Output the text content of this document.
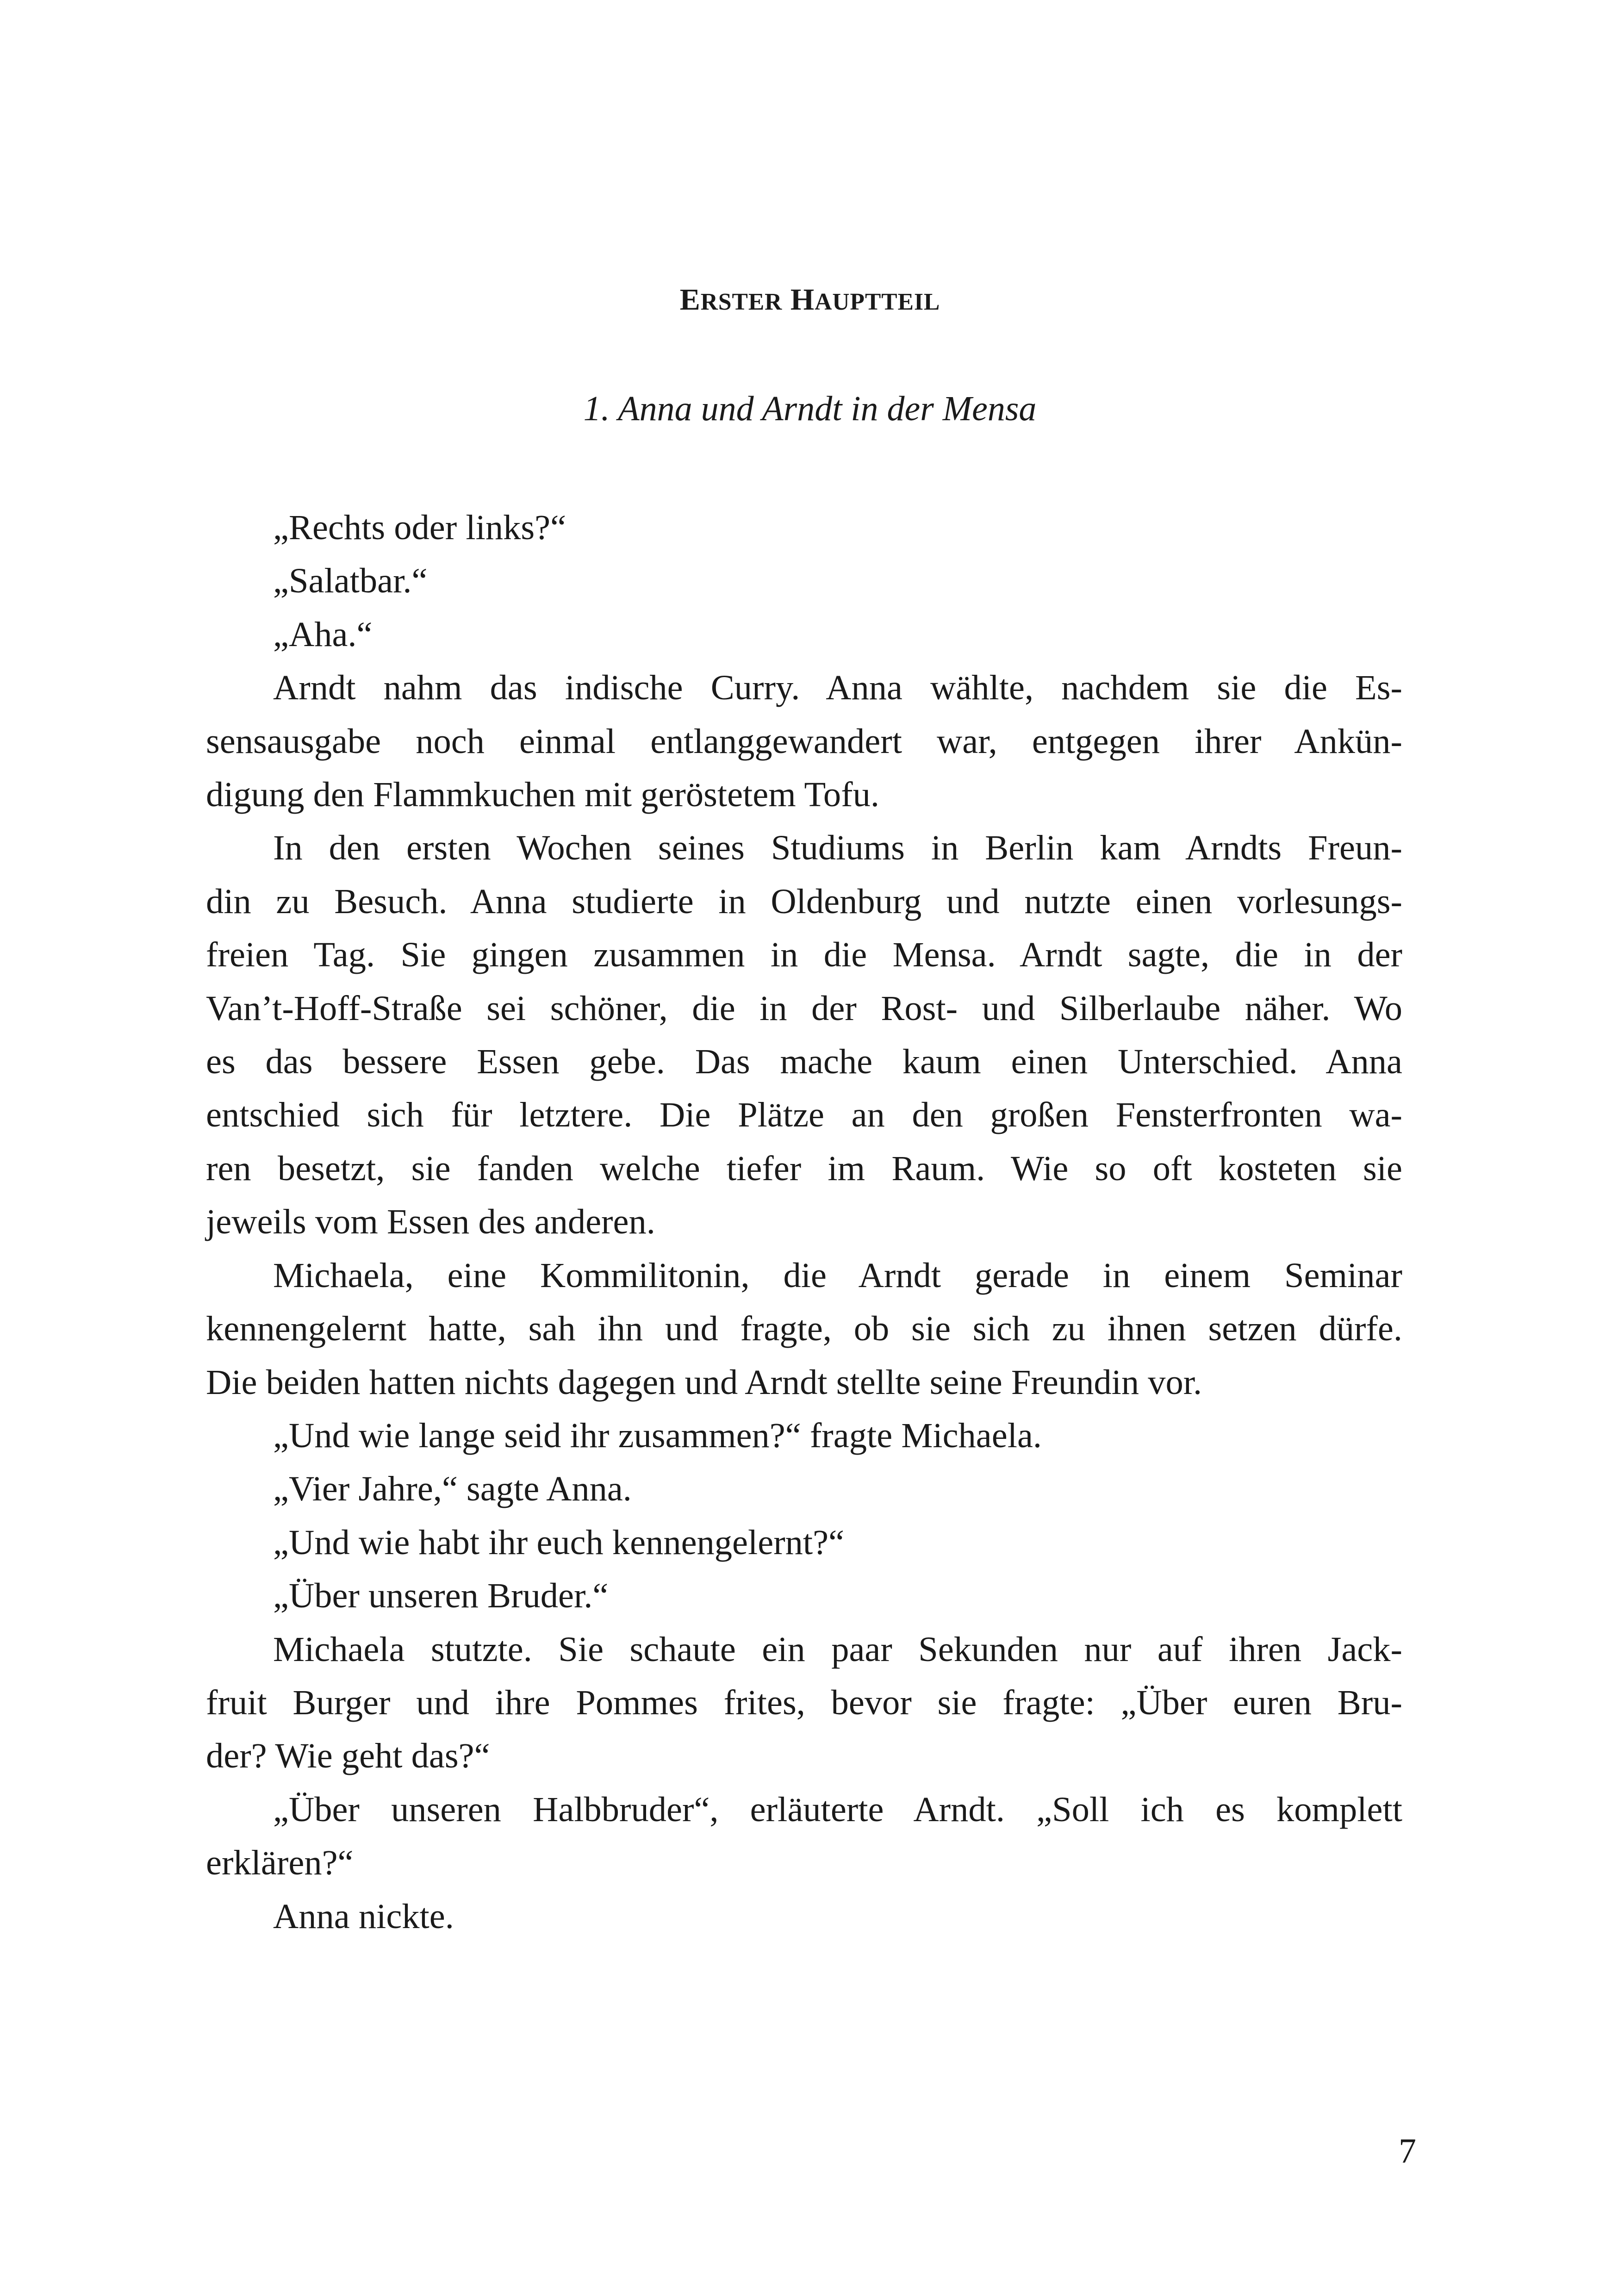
ERSTER HAUPTTEIL
1. Anna und Arndt in der Mensa

„Rechts oder links?“

„Salatbar.“

„Aha.“

Arndt nahm das indische Curry. Anna wählte, nachdem sie die Es-
sensausgabe noch einmal entlanggewandert war, entgegen ihrer Ankün-
digung den Flammkuchen mit geröstetem Tofu.

In den ersten Wochen seines Studiums in Berlin kam Arndts Freun-
din zu Besuch. Anna studierte in Oldenburg und nutzte einen vorlesungs-
freien Tag. Sie gingen zusammen in die Mensa. Arndt sagte, die in der
Van’t-Hoff-Straße sei schöner, die in der Rost- und Silberlaube näher. Wo
es das bessere Essen gebe. Das mache kaum einen Unterschied. Anna
entschied sich für letztere. Die Plätze an den großen Fensterfronten wa-
ren besetzt, sie fanden welche tiefer im Raum. Wie so oft kosteten sie
jeweils vom Essen des anderen.

Michaela, eine Kommilitonin, die Arndt gerade in einem Seminar
kennengelernt hatte, sah ihn und fragte, ob sie sich zu ihnen setzen dürfe.
Die beiden hatten nichts dagegen und Arndt stellte seine Freundin vor.

„Und wie lange seid ihr zusammen?“ fragte Michaela.

„Vier Jahre,“ sagte Anna.

„Und wie habt ihr euch kennengelernt?“

„Über unseren Bruder.“

Michaela stutzte. Sie schaute ein paar Sekunden nur auf ihren Jack-
fruit Burger und ihre Pommes frites, bevor sie fragte: „Über euren Bru-
der? Wie geht das?“

„Über unseren Halbbruder“, erläuterte Arndt. „Soll ich es komplett
erklären?“

Anna nickte.

7
